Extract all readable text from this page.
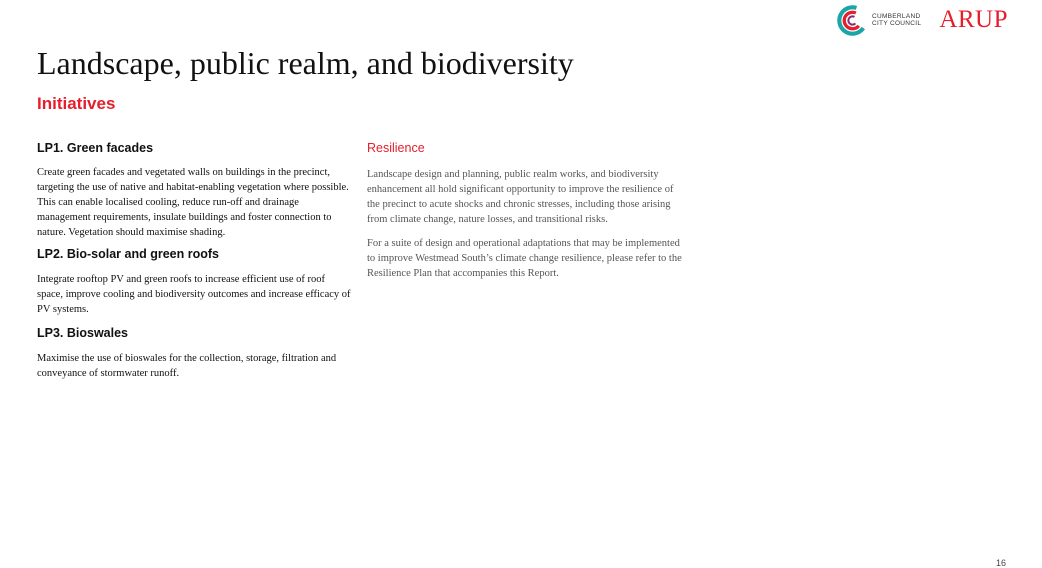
CUMBERLAND
CITY COUNCIL ARUP
Landscape, public realm, and biodiversity
Initiatives
LP1. Green facades

Create green facades and vegetated walls on buildings in the precinct, targeting the use of native and habitat-enabling vegetation where possible. This can enable localised cooling, reduce run-off and drainage management requirements, insulate buildings and foster connection to nature. Vegetation should maximise shading.

LP2. Bio-solar and green roofs

Integrate rooftop PV and green roofs to increase efficient use of roof space, improve cooling and biodiversity outcomes and increase efficacy of PV systems.

LP3. Bioswales

Maximise the use of bioswales for the collection, storage, filtration and conveyance of stormwater runoff.

Resilience

Landscape design and planning, public realm works, and biodiversity enhancement all hold significant opportunity to improve the resilience of the precinct to acute shocks and chronic stresses, including those arising from climate change, nature losses, and transitional risks.

For a suite of design and operational adaptations that may be implemented to improve Westmead South’s climate change resilience, please refer to the Resilience Plan that accompanies this Report.

16
